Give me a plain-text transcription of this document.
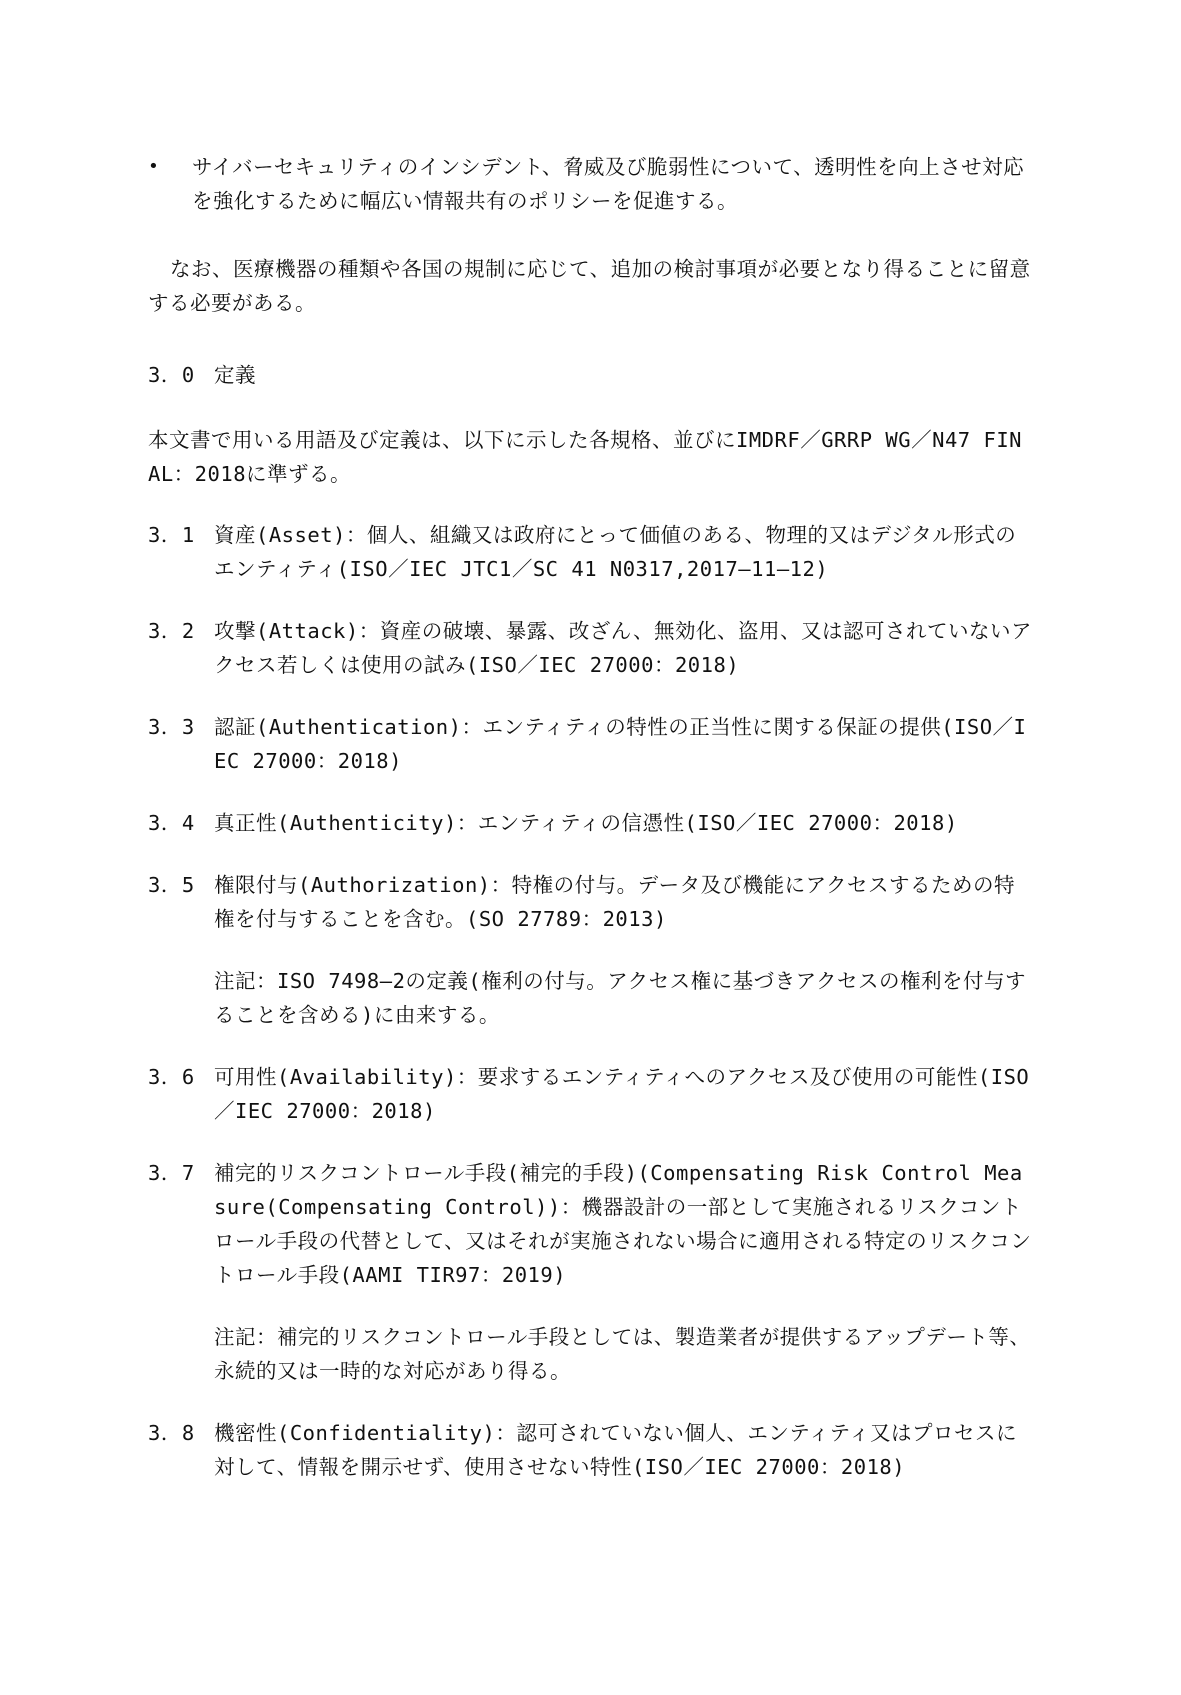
•	サイバーセキュリティのインシデント、脅威及び脆弱性について、透明性を向上させ対応を強化するために幅広い情報共有のポリシーを促進する。
なお、医療機器の種類や各国の規制に応じて、追加の検討事項が必要となり得ることに留意する必要がある。
3．0 定義
本文書で用いる用語及び定義は、以下に示した各規格、並びにIMDRF／GRRP WG／N47 FINAL：2018に準ずる。
3．1 資産(Asset)：個人、組織又は政府にとって価値のある、物理的又はデジタル形式のエンティティ(ISO／IEC JTC1／SC 41 N0317,2017―11―12)
3．2 攻撃(Attack)：資産の破壊、暴露、改ざん、無効化、盗用、又は認可されていないアクセス若しくは使用の試み(ISO／IEC 27000：2018)
3．3 認証(Authentication)：エンティティの特性の正当性に関する保証の提供(ISO／IEC 27000：2018)
3．4 真正性(Authenticity)：エンティティの信憑性(ISO／IEC 27000：2018)
3．5 権限付与(Authorization)：特権の付与。データ及び機能にアクセスするための特権を付与することを含む。(SO 27789：2013)
注記：ISO 7498―2の定義(権利の付与。アクセス権に基づきアクセスの権利を付与することを含める)に由来する。
3．6 可用性(Availability)：要求するエンティティへのアクセス及び使用の可能性(ISO／IEC 27000：2018)
3．7 補完的リスクコントロール手段(補完的手段)(Compensating Risk Control Measure(Compensating Control))：機器設計の一部として実施されるリスクコントロール手段の代替として、又はそれが実施されない場合に適用される特定のリスクコントロール手段(AAMI TIR97：2019)
注記：補完的リスクコントロール手段としては、製造業者が提供するアップデート等、永続的又は一時的な対応があり得る。
3．8 機密性(Confidentiality)：認可されていない個人、エンティティ又はプロセスに対して、情報を開示せず、使用させない特性(ISO／IEC 27000：2018)
